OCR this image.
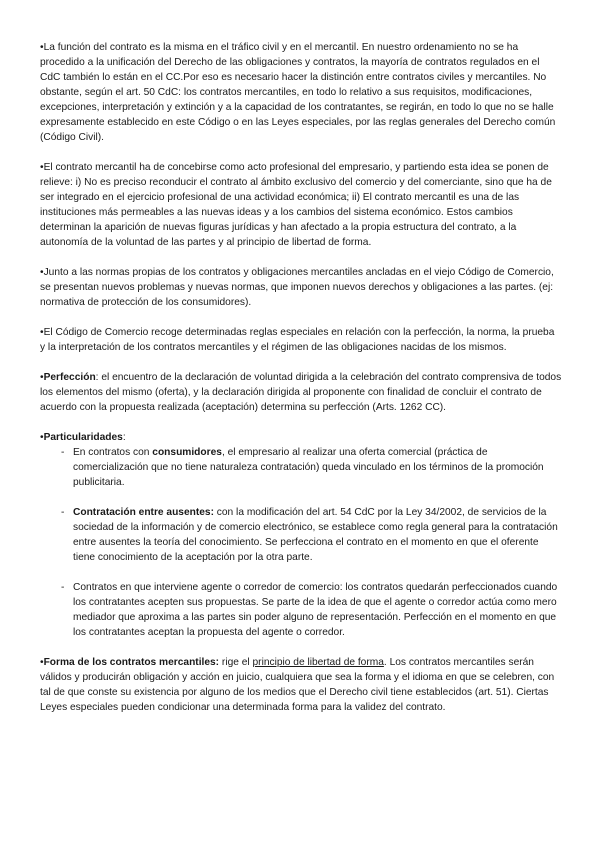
•La función del contrato es la misma en el tráfico civil y en el mercantil. En nuestro ordenamiento no se ha procedido a la unificación del Derecho de las obligaciones y contratos, la mayoría de contratos regulados en el CdC también lo están en el CC.Por eso es necesario hacer la distinción entre contratos civiles y mercantiles. No obstante, según el art. 50 CdC: los contratos mercantiles, en todo lo relativo a sus requisitos, modificaciones, excepciones, interpretación y extinción y a la capacidad de los contratantes, se regirán, en todo lo que no se halle expresamente establecido en este Código o en las Leyes especiales, por las reglas generales del Derecho común (Código Civil).

•El contrato mercantil ha de concebirse como acto profesional del empresario, y partiendo esta idea se ponen de relieve: i) No es preciso reconducir el contrato al ámbito exclusivo del comercio y del comerciante, sino que ha de ser integrado en el ejercicio profesional de una actividad económica; ii) El contrato mercantil es una de las instituciones más permeables a las nuevas ideas y a los cambios del sistema económico. Estos cambios determinan la aparición de nuevas figuras jurídicas y han afectado a la propia estructura del contrato, a la autonomía de la voluntad de las partes y al principio de libertad de forma.

•Junto a las normas propias de los contratos y obligaciones mercantiles ancladas en el viejo Código de Comercio, se presentan nuevos problemas y nuevas normas, que imponen nuevos derechos y obligaciones a las partes. (ej: normativa de protección de los consumidores).

•El Código de Comercio recoge determinadas reglas especiales en relación con la perfección, la norma, la prueba y la interpretación de los contratos mercantiles y el régimen de las obligaciones nacidas de los mismos.

•Perfección: el encuentro de la declaración de voluntad dirigida a la celebración del contrato comprensiva de todos los elementos del mismo (oferta), y la declaración dirigida al proponente con finalidad de concluir el contrato de acuerdo con la propuesta realizada (aceptación) determina su perfección (Arts. 1262 CC).

•Particularidades:

- En contratos con consumidores, el empresario al realizar una oferta comercial (práctica de comercialización que no tiene naturaleza contratación) queda vinculado en los términos de la promoción publicitaria.
- Contratación entre ausentes: con la modificación del art. 54 CdC por la Ley 34/2002, de servicios de la sociedad de la información y de comercio electrónico, se establece como regla general para la contratación entre ausentes la teoría del conocimiento. Se perfecciona el contrato en el momento en que el oferente tiene conocimiento de la aceptación por la otra parte.
- Contratos en que interviene agente o corredor de comercio: los contratos quedarán perfeccionados cuando los contratantes acepten sus propuestas. Se parte de la idea de que el agente o corredor actúa como mero mediador que aproxima a las partes sin poder alguno de representación. Perfección en el momento en que los contratantes aceptan la propuesta del agente o corredor.

•Forma de los contratos mercantiles: rige el principio de libertad de forma. Los contratos mercantiles serán válidos y producirán obligación y acción en juicio, cualquiera que sea la forma y el idioma en que se celebren, con tal de que conste su existencia por alguno de los medios que el Derecho civil tiene establecidos (art. 51). Ciertas Leyes especiales pueden condicionar una determinada forma para la validez del contrato.
